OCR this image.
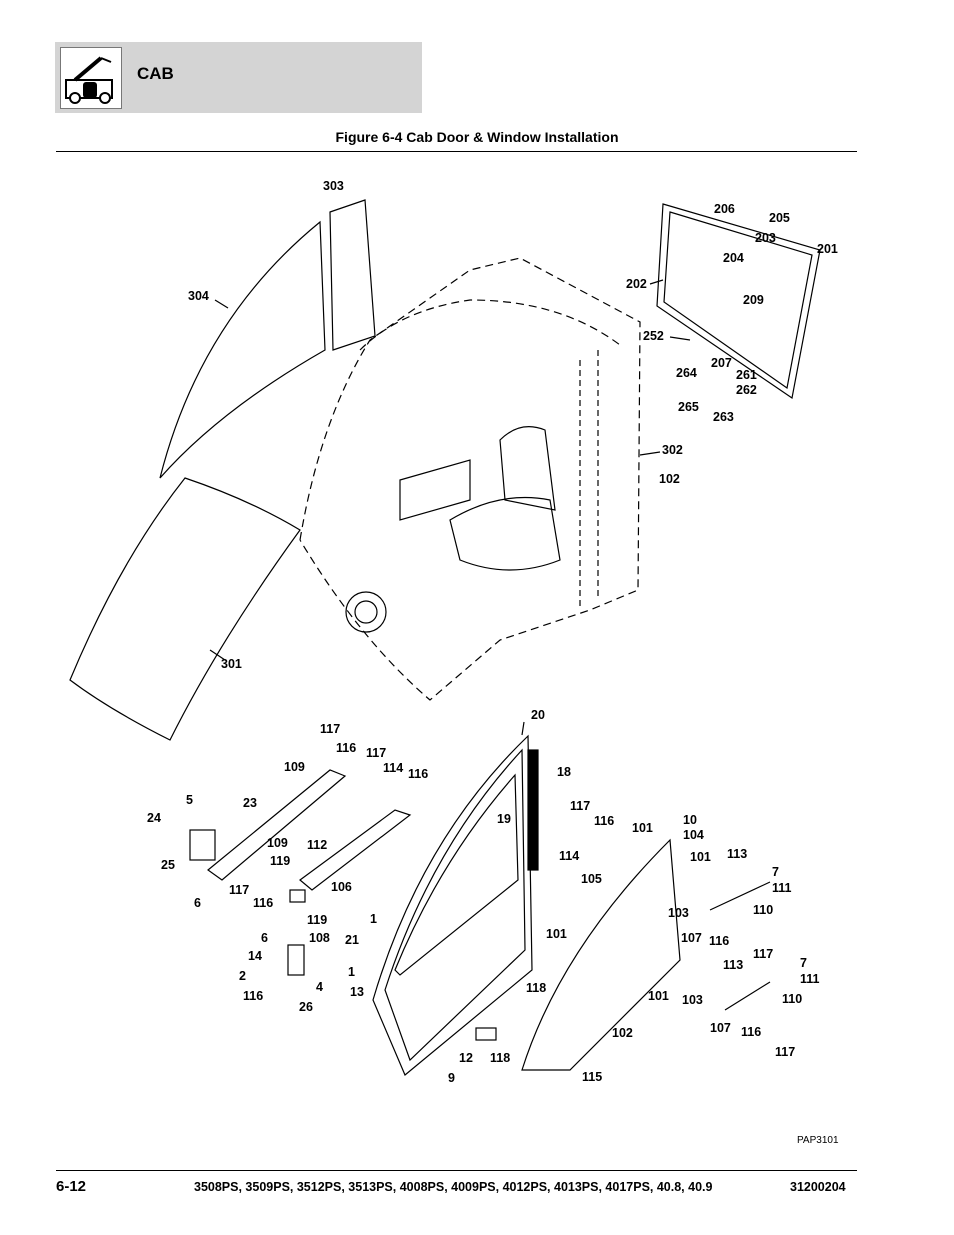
CAB
Figure 6-4 Cab Door & Window Installation
303
304
301
206
205
203
201
204
202
209
252
207
261
264
262
265
263
302
102
20
117
116 117
109	114 116	18
5	23
19
24
117
116 101
10
104
109 112
114
25	119
105
101 113
106
7
111
6
117
116
103	110
119	1
107 116
6	108 21	101
117
14
1
7
2
4 13	118
113
111
101 103	110
116
26
107 116
102
117
12 118
9	115
PAP3101
6-12	3508PS, 3509PS, 3512PS, 3513PS, 4008PS, 4009PS, 4012PS, 4013PS, 4017PS, 40.8, 40.9	31200204
